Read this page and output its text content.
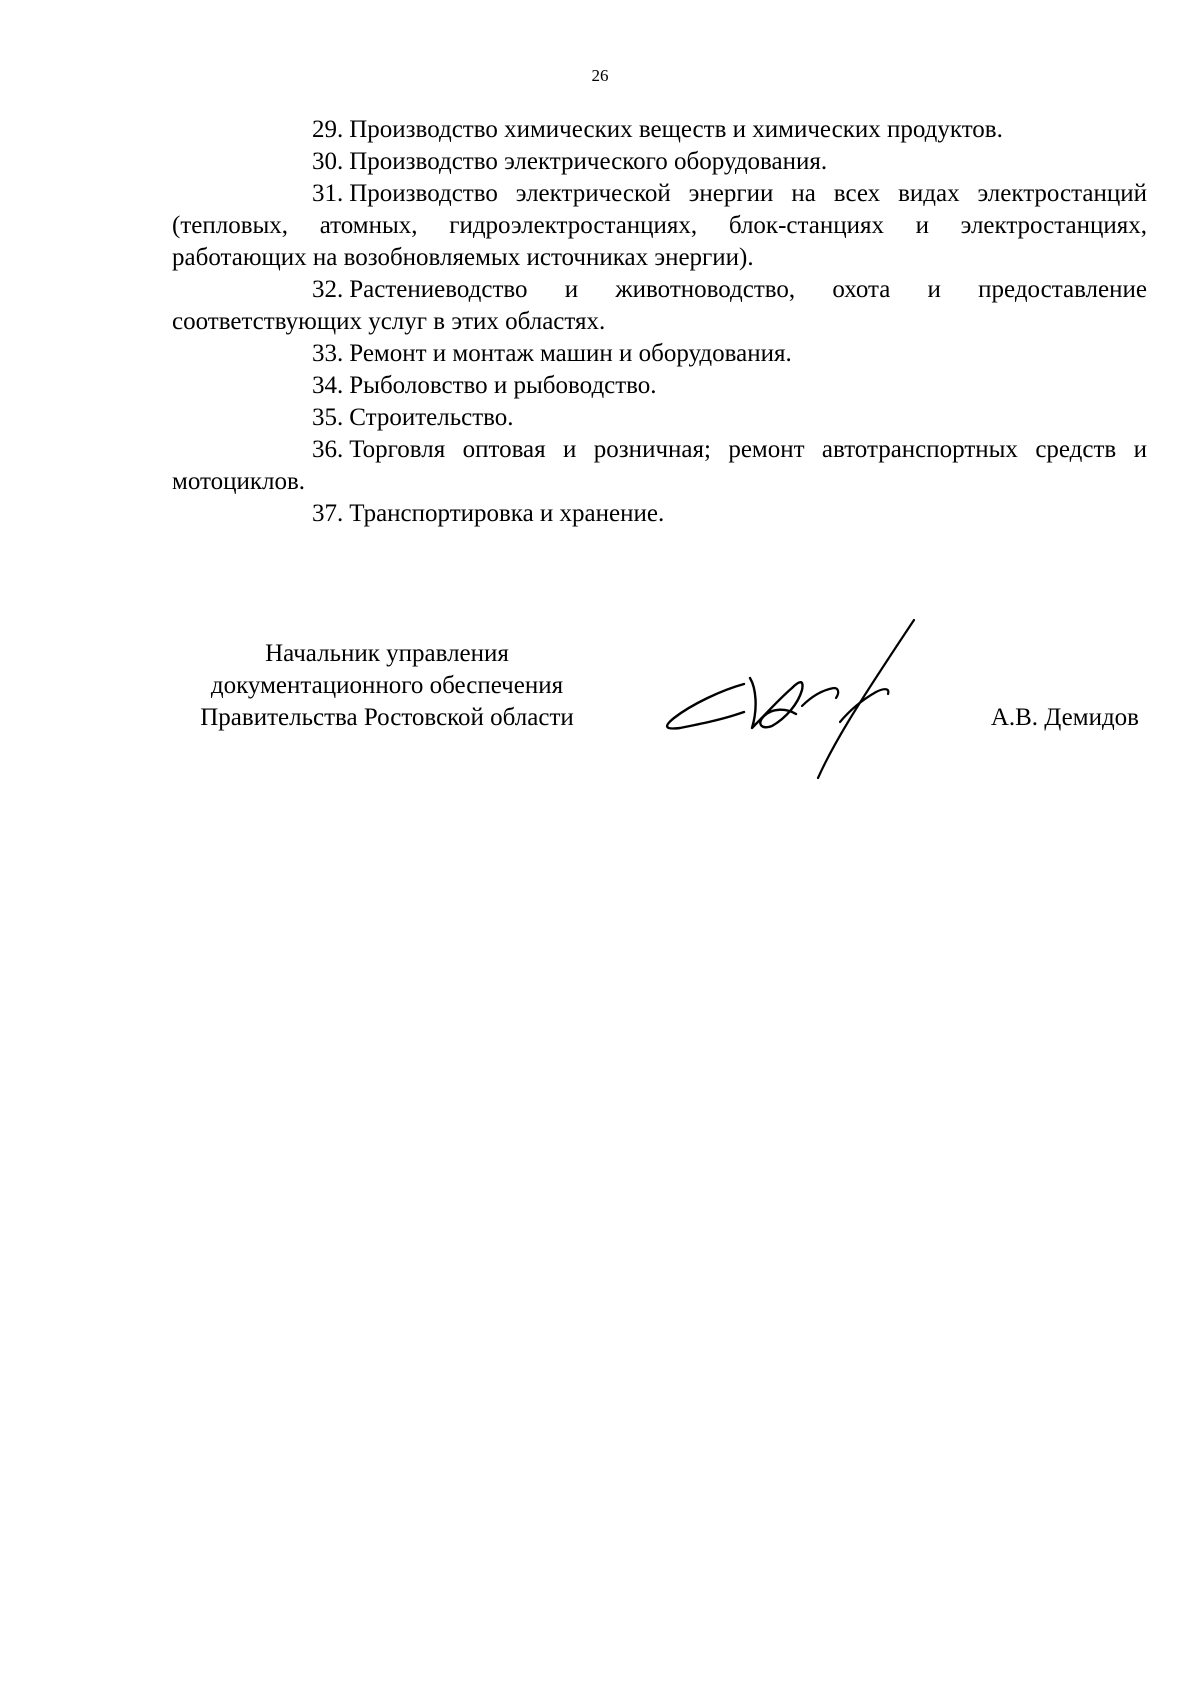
26

29. Производство химических веществ и химических продуктов.

30. Производство электрического оборудования.

31. Производство электрической энергии на всех видах электростанций (тепловых, атомных, гидроэлектростанциях, блок-станциях и электростанциях, работающих на возобновляемых источниках энергии).

32. Растениеводство и животноводство, охота и предоставление соответствующих услуг в этих областях.

33. Ремонт и монтаж машин и оборудования.

34. Рыболовство и рыбоводство.

35. Строительство.

36. Торговля оптовая и розничная; ремонт автотранспортных средств и мотоциклов.

37. Транспортировка и хранение.

Начальник управления
документационного обеспечения
Правительства Ростовской области	А.В. Демидов
